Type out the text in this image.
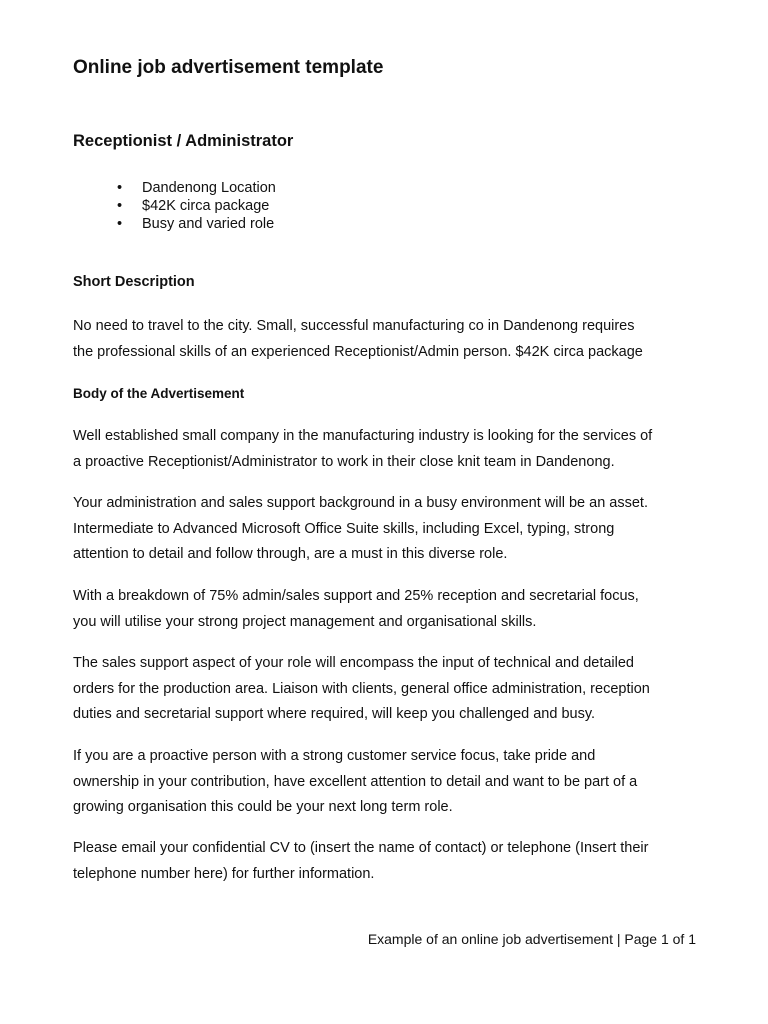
Online job advertisement template
Receptionist / Administrator
• Dandenong Location
• $42K circa package
• Busy and varied role
Short Description

No need to travel to the city. Small, successful manufacturing co in Dandenong requires
the professional skills of an experienced Receptionist/Admin person. $42K circa package

Body of the Advertisement

Well established small company in the manufacturing industry is looking for the services of
a proactive Receptionist/Administrator to work in their close knit team in Dandenong.

Your administration and sales support background in a busy environment will be an asset.
Intermediate to Advanced Microsoft Office Suite skills, including Excel, typing, strong
attention to detail and follow through, are a must in this diverse role.

With a breakdown of 75% admin/sales support and 25% reception and secretarial focus,
you will utilise your strong project management and organisational skills.

The sales support aspect of your role will encompass the input of technical and detailed
orders for the production area. Liaison with clients, general office administration, reception
duties and secretarial support where required, will keep you challenged and busy.

If you are a proactive person with a strong customer service focus, take pride and
ownership in your contribution, have excellent attention to detail and want to be part of a
growing organisation this could be your next long term role.

Please email your confidential CV to (insert the name of contact) or telephone (Insert their
telephone number here) for further information.

Example of an online job advertisement | Page 1 of 1
